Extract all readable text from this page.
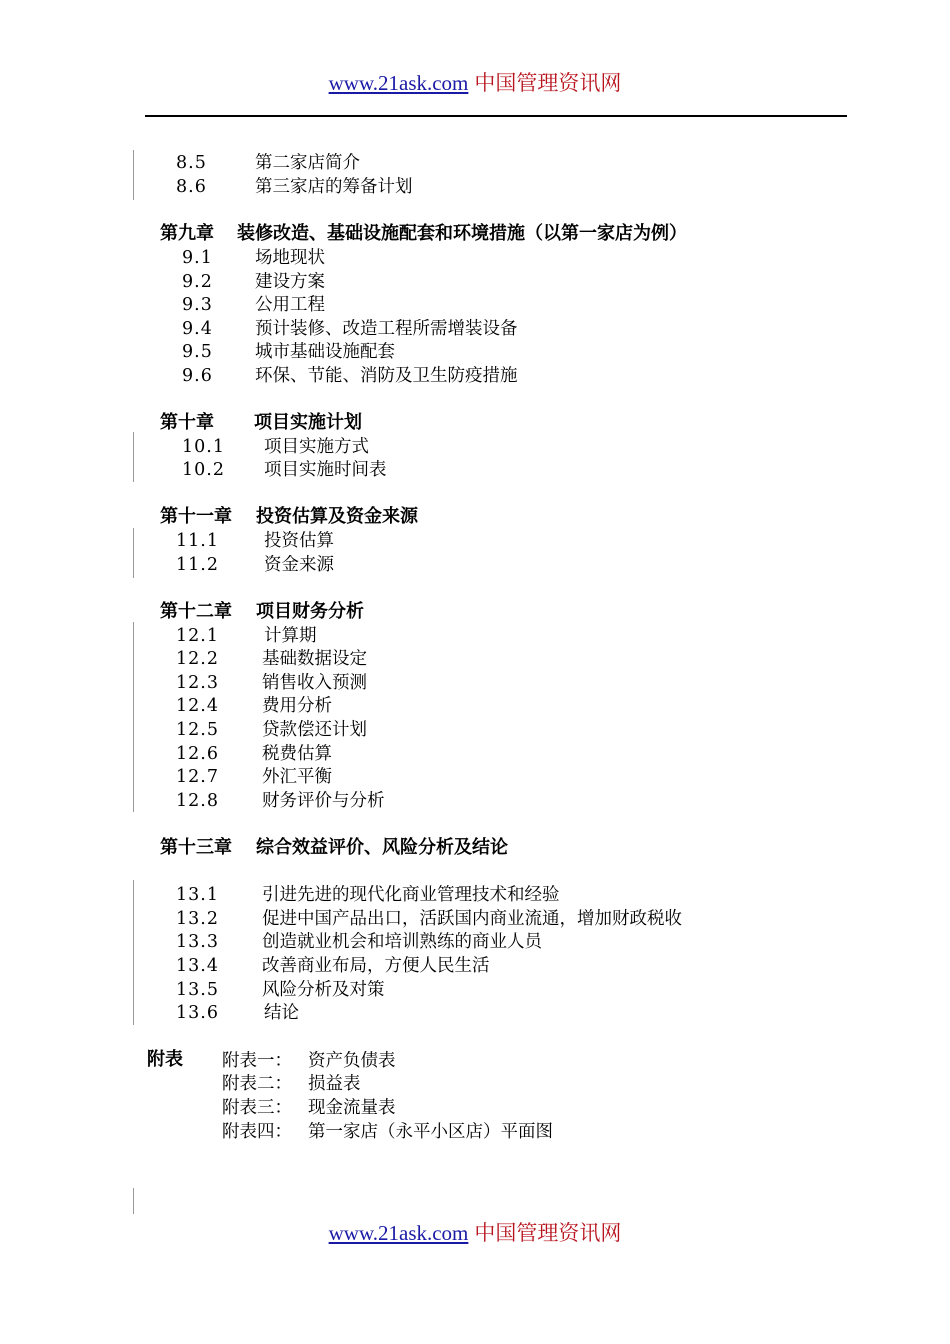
www.21ask.com 中国管理资讯网
8.5	第二家店简介
8.6	第三家店的筹备计划
第九章 装修改造、基础设施配套和环境措施（以第一家店为例）
9.1 场地现状
9.2 建设方案
9.3 公用工程
9.4 预计装修、改造工程所需增装设备
9.5 城市基础设施配套
9.6 环保、节能、消防及卫生防疫措施
第十章 项目实施计划
10.1 项目实施方式
10.2 项目实施时间表
第十一章 投资估算及资金来源
11.1	投资估算
11.2	资金来源
第十二章 项目财务分析
12.1	计算期
12.2 基础数据设定
12.3 销售收入预测
12.4 费用分析
12.5 贷款偿还计划
12.6 税费估算
12.7 外汇平衡
12.8 财务评价与分析
第十三章 综合效益评价、风险分析及结论
13.1 引进先进的现代化商业管理技术和经验
13.2 促进中国产品出口，活跃国内商业流通，增加财政税收
13.3 创造就业机会和培训熟练的商业人员
13.4 改善商业布局，方便人民生活
13.5 风险分析及对策
13.6	结论
附表 附表一： 资产负债表
附表二： 损益表
附表三： 现金流量表
附表四： 第一家店（永平小区店）平面图
www.21ask.com 中国管理资讯网
